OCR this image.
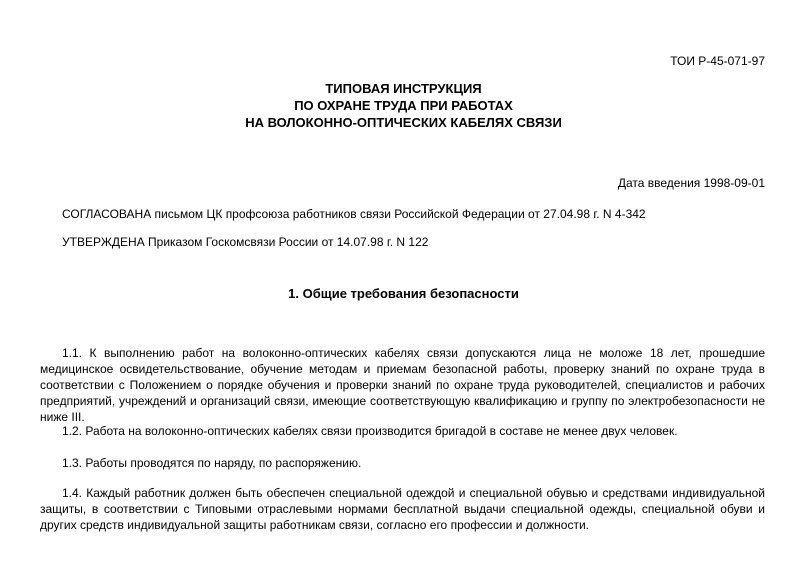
ТОИ Р-45-071-97
ТИПОВАЯ ИНСТРУКЦИЯ
ПО ОХРАНЕ ТРУДА ПРИ РАБОТАХ
НА ВОЛОКОННО-ОПТИЧЕСКИХ КАБЕЛЯХ СВЯЗИ
Дата введения 1998-09-01
СОГЛАСОВАНА письмом ЦК профсоюза работников связи Российской Федерации от 27.04.98 г. N 4-342
УТВЕРЖДЕНА Приказом Госкомсвязи России от 14.07.98 г. N 122
1. Общие требования безопасности

1.1. К выполнению работ на волоконно-оптических кабелях связи допускаются лица не моложе 18 лет, прошедшие медицинское освидетельствование, обучение методам и приемам безопасной работы, проверку знаний по охране труда в соответствии с Положением о порядке обучения и проверки знаний по охране труда руководителей, специалистов и рабочих предприятий, учреждений и организаций связи, имеющие соответствующую квалификацию и группу по электробезопасности не ниже III.

1.2. Работа на волоконно-оптических кабелях связи производится бригадой в составе не менее двух человек.

1.3. Работы проводятся по наряду, по распоряжению.

1.4. Каждый работник должен быть обеспечен специальной одеждой и специальной обувью и средствами индивидуальной защиты, в соответствии с Типовыми отраслевыми нормами бесплатной выдачи специальной одежды, специальной обуви и других средств индивидуальной защиты работникам связи, согласно его профессии и должности.
